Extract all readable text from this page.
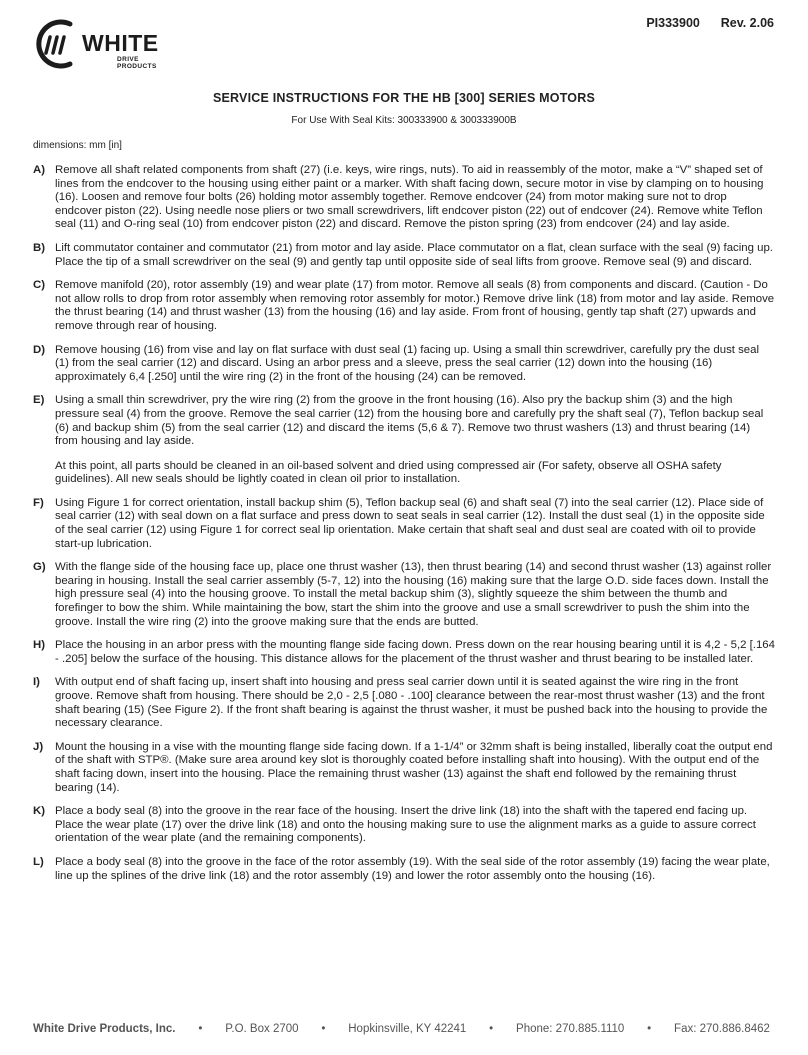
WHITE
DRIVE PRODUCTS
PI333900 Rev. 2.06
SERVICE INSTRUCTIONS FOR THE HB [300] SERIES MOTORS
For Use With Seal Kits: 300333900 & 300333900B
dimensions: mm [in]
A) Remove all shaft related components from shaft (27) (i.e. keys, wire rings, nuts). To aid in reassembly of the motor, make a “V” shaped set of lines from the endcover to the housing using either paint or a marker. With shaft facing down, secure motor in vise by clamping on to housing (16). Loosen and remove four bolts (26) holding motor assembly together. Remove endcover (24) from motor making sure not to drop endcover piston (22). Using needle nose pliers or two small screwdrivers, lift endcover piston (22) out of endcover (24). Remove white Teflon seal (11) and O-ring seal (10) from endcover piston (22) and discard. Remove the piston spring (23) from endcover (24) and lay aside.

B) Lift commutator container and commutator (21) from motor and lay aside. Place commutator on a flat, clean surface with the seal (9) facing up. Place the tip of a small screwdriver on the seal (9) and gently tap until opposite side of seal lifts from groove. Remove seal (9) and discard.

C) Remove manifold (20), rotor assembly (19) and wear plate (17) from motor. Remove all seals (8) from components and discard. (Caution - Do not allow rolls to drop from rotor assembly when removing rotor assembly for motor.) Remove drive link (18) from motor and lay aside. Remove the thrust bearing (14) and thrust washer (13) from the housing (16) and lay aside. From front of housing, gently tap shaft (27) upwards and remove through rear of housing.

D) Remove housing (16) from vise and lay on flat surface with dust seal (1) facing up. Using a small thin screwdriver, carefully pry the dust seal (1) from the seal carrier (12) and discard. Using an arbor press and a sleeve, press the seal carrier (12) down into the housing (16) approximately 6,4 [.250] until the wire ring (2) in the front of the housing (24) can be removed.

E) Using a small thin screwdriver, pry the wire ring (2) from the groove in the front housing (16). Also pry the backup shim (3) and the high pressure seal (4) from the groove. Remove the seal carrier (12) from the housing bore and carefully pry the shaft seal (7), Teflon backup seal (6) and backup shim (5) from the seal carrier (12) and discard the items (5,6 & 7). Remove two thrust washers (13) and thrust bearing (14) from housing and lay aside.

At this point, all parts should be cleaned in an oil-based solvent and dried using compressed air (For safety, observe all OSHA safety guidelines). All new seals should be lightly coated in clean oil prior to installation.

F) Using Figure 1 for correct orientation, install backup shim (5), Teflon backup seal (6) and shaft seal (7) into the seal carrier (12). Place side of seal carrier (12) with seal down on a flat surface and press down to seat seals in seal carrier (12). Install the dust seal (1) in the opposite side of the seal carrier (12) using Figure 1 for correct seal lip orientation. Make certain that shaft seal and dust seal are coated with oil to provide start-up lubrication.

G) With the flange side of the housing face up, place one thrust washer (13), then thrust bearing (14) and second thrust washer (13) against roller bearing in housing. Install the seal carrier assembly (5-7, 12) into the housing (16) making sure that the large O.D. side faces down. Install the high pressure seal (4) into the housing groove. To install the metal backup shim (3), slightly squeeze the shim between the thumb and forefinger to bow the shim. While maintaining the bow, start the shim into the groove and use a small screwdriver to push the shim into the groove. Install the wire ring (2) into the groove making sure that the ends are butted.

H) Place the housing in an arbor press with the mounting flange side facing down. Press down on the rear housing bearing until it is 4,2 - 5,2 [.164 - .205] below the surface of the housing. This distance allows for the placement of the thrust washer and thrust bearing to be installed later.

I)	With output end of shaft facing up, insert shaft into housing and press seal carrier down until it is seated against the wire ring in the front groove. Remove shaft from housing. There should be 2,0 - 2,5 [.080 - .100] clearance between the rear-most thrust washer (13) and the front shaft bearing (15) (See Figure 2). If the front shaft bearing is against the thrust washer, it must be pushed back into the housing to provide the necessary clearance.

J)	Mount the housing in a vise with the mounting flange side facing down. If a 1-1/4” or 32mm shaft is being installed, liberally coat the output end of the shaft with STP®. (Make sure area around key slot is thoroughly coated before installing shaft into housing). With the output end of the shaft facing down, insert into the housing. Place the remaining thrust washer (13) against the shaft end followed by the remaining thrust bearing (14).

K) Place a body seal (8) into the groove in the rear face of the housing. Insert the drive link (18) into the shaft with the tapered end facing up. Place the wear plate (17) over the drive link (18) and onto the housing making sure to use the alignment marks as a guide to assure correct orientation of the wear plate (and the remaining components).

L) Place a body seal (8) into the groove in the face of the rotor assembly (19). With the seal side of the rotor assembly (19) facing the wear plate, line up the splines of the drive link (18) and the rotor assembly (19) and lower the rotor assembly onto the housing (16).

White Drive Products, Inc. • P.O. Box 2700 • Hopkinsville, KY 42241 • Phone: 270.885.1110 • Fax: 270.886.8462
